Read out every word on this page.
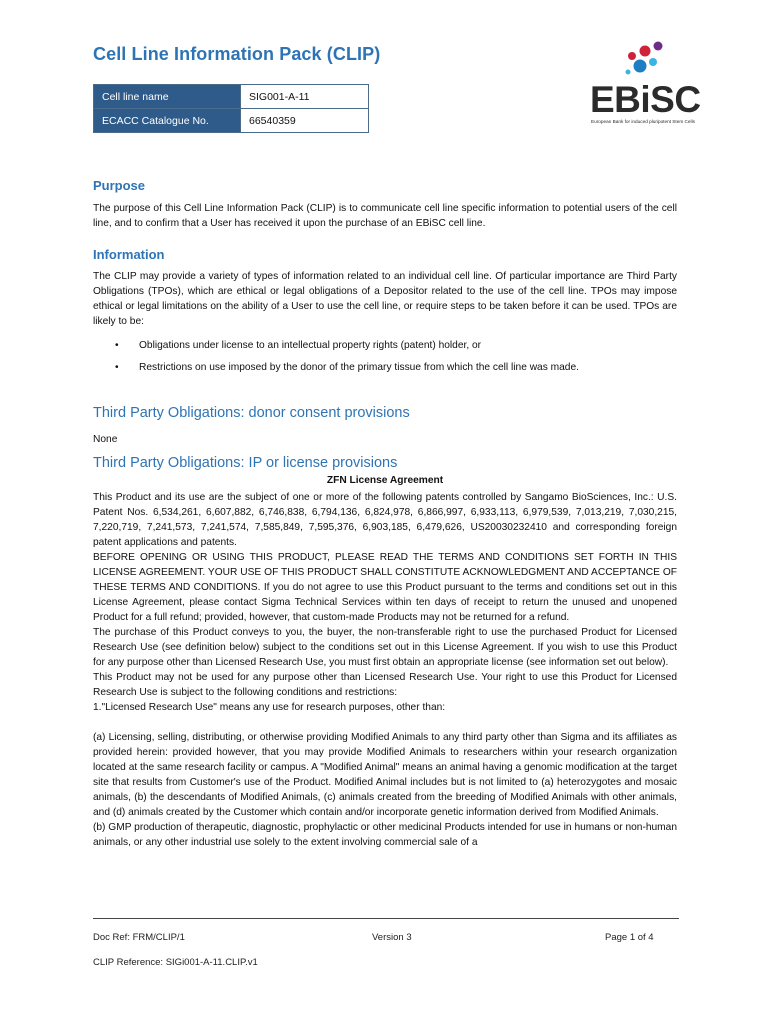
Cell Line Information Pack (CLIP)
Cell line name	SIG001-A-11
ECACC Catalogue No.	66540359
EBiSC
European Bank for induced pluripotent Stem Cells
Purpose

The purpose of this Cell Line Information Pack (CLIP) is to communicate cell line specific information to potential users of the cell line, and to confirm that a User has received it upon the purchase of an EBiSC cell line.

Information

The CLIP may provide a variety of types of information related to an individual cell line. Of particular importance are Third Party Obligations (TPOs), which are ethical or legal obligations of a Depositor related to the use of the cell line. TPOs may impose ethical or legal limitations on the ability of a User to use the cell line, or require steps to be taken before it can be used. TPOs are likely to be:

• Obligations under license to an intellectual property rights (patent) holder, or
• Restrictions on use imposed by the donor of the primary tissue from which the cell line was made.
Third Party Obligations: donor consent provisions

None

Third Party Obligations: IP or license provisions

ZFN License Agreement

This Product and its use are the subject of one or more of the following patents controlled by Sangamo BioSciences, Inc.: U.S. Patent Nos. 6,534,261, 6,607,882, 6,746,838, 6,794,136, 6,824,978, 6,866,997, 6,933,113, 6,979,539, 7,013,219, 7,030,215, 7,220,719, 7,241,573, 7,241,574, 7,585,849, 7,595,376, 6,903,185, 6,479,626, US20030232410 and corresponding foreign patent applications and patents.

BEFORE OPENING OR USING THIS PRODUCT, PLEASE READ THE TERMS AND CONDITIONS SET FORTH IN THIS LICENSE AGREEMENT. YOUR USE OF THIS PRODUCT SHALL CONSTITUTE ACKNOWLEDGMENT AND ACCEPTANCE OF THESE TERMS AND CONDITIONS. If you do not agree to use this Product pursuant to the terms and conditions set out in this License Agreement, please contact Sigma Technical Services within ten days of receipt to return the unused and unopened Product for a full refund; provided, however, that custom-made Products may not be returned for a refund.

The purchase of this Product conveys to you, the buyer, the non-transferable right to use the purchased Product for Licensed Research Use (see definition below) subject to the conditions set out in this License Agreement. If you wish to use this Product for any purpose other than Licensed Research Use, you must first obtain an appropriate license (see information set out below).

This Product may not be used for any purpose other than Licensed Research Use. Your right to use this Product for Licensed Research Use is subject to the following conditions and restrictions:

1."Licensed Research Use" means any use for research purposes, other than:

(a) Licensing, selling, distributing, or otherwise providing Modified Animals to any third party other than Sigma and its affiliates as provided herein: provided however, that you may provide Modified Animals to researchers within your research organization located at the same research facility or campus. A "Modified Animal" means an animal having a genomic modification at the target site that results from Customer's use of the Product. Modified Animal includes but is not limited to (a) heterozygotes and mosaic animals, (b) the descendants of Modified Animals, (c) animals created from the breeding of Modified Animals with other animals, and (d) animals created by the Customer which contain and/or incorporate genetic information derived from Modified Animals.

(b) GMP production of therapeutic, diagnostic, prophylactic or other medicinal Products intended for use in humans or non-human animals, or any other industrial use solely to the extent involving commercial sale of a

Doc Ref: FRM/CLIP/1	Version 3	Page 1 of 4

CLIP Reference: SIGi001-A-11.CLIP.v1
